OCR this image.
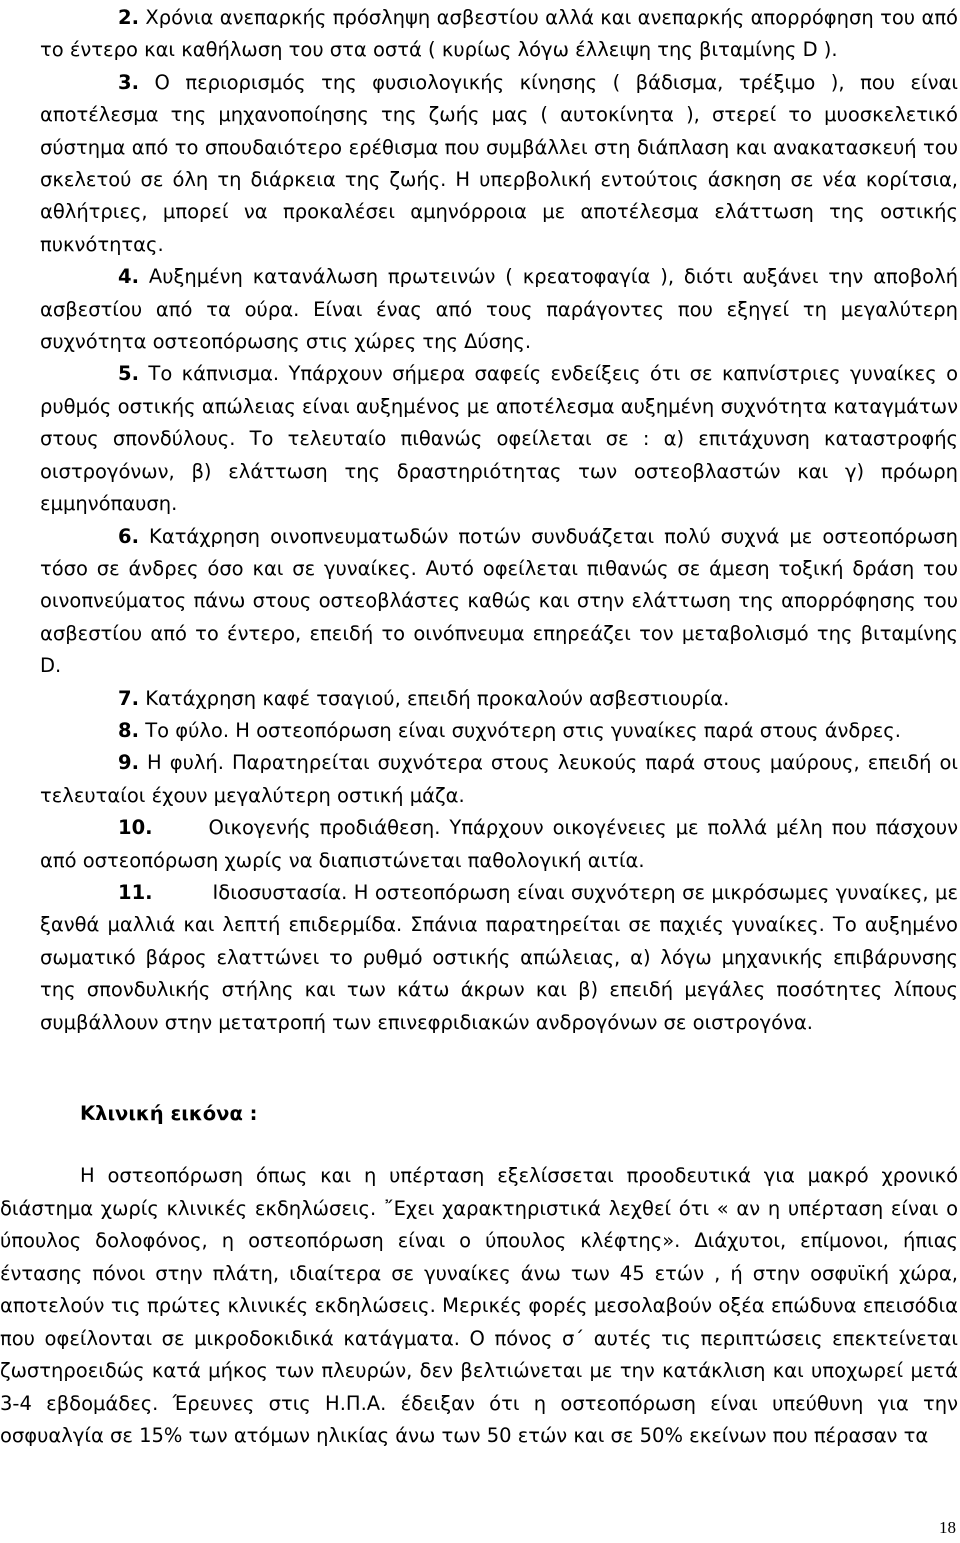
2. Χρόνια ανεπαρκής πρόσληψη ασβεστίου αλλά και ανεπαρκής απορρόφηση του από το έντερο και καθήλωση του στα οστά ( κυρίως λόγω έλλειψη της βιταμίνης D ).

3. Ο περιορισμός της φυσιολογικής κίνησης ( βάδισμα, τρέξιμο ), που είναι αποτέλεσμα της μηχανοποίησης της ζωής μας ( αυτοκίνητα ), στερεί το μυοσκελετικό σύστημα από το σπουδαιότερο ερέθισμα που συμβάλλει στη διάπλαση και ανακατασκευή του σκελετού σε όλη τη διάρκεια της ζωής. Η υπερβολική εντούτοις άσκηση σε νέα κορίτσια, αθλήτριες, μπορεί να προκαλέσει αμηνόρροια με αποτέλεσμα ελάττωση της οστικής πυκνότητας.

4. Αυξημένη κατανάλωση πρωτεινών ( κρεατοφαγία ), διότι αυξάνει την αποβολή ασβεστίου από τα ούρα. Είναι ένας από τους παράγοντες που εξηγεί τη μεγαλύτερη συχνότητα οστεοπόρωσης στις χώρες της Δύσης.

5. Το κάπνισμα. Υπάρχουν σήμερα σαφείς ενδείξεις ότι σε καπνίστριες γυναίκες ο ρυθμός οστικής απώλειας είναι αυξημένος με αποτέλεσμα αυξημένη συχνότητα καταγμάτων στους σπονδύλους. Το τελευταίο πιθανώς οφείλεται σε : α) επιτάχυνση καταστροφής οιστρογόνων, β) ελάττωση της δραστηριότητας των οστεοβλαστών και γ) πρόωρη εμμηνόπαυση.

6. Κατάχρηση οινοπνευματωδών ποτών συνδυάζεται πολύ συχνά με οστεοπόρωση τόσο σε άνδρες όσο και σε γυναίκες. Αυτό οφείλεται πιθανώς σε άμεση τοξική δράση του οινοπνεύματος πάνω στους οστεοβλάστες καθώς και στην ελάττωση της απορρόφησης του ασβεστίου από το έντερο, επειδή το οινόπνευμα επηρεάζει τον μεταβολισμό της βιταμίνης D.

7. Κατάχρηση καφέ τσαγιού, επειδή προκαλούν ασβεστιουρία.

8. Το φύλο. Η οστεοπόρωση είναι συχνότερη στις γυναίκες παρά στους άνδρες.

9. Η φυλή. Παρατηρείται συχνότερα στους λευκούς παρά στους μαύρους, επειδή οι τελευταίοι έχουν μεγαλύτερη οστική μάζα.

10.	Οικογενής προδιάθεση. Υπάρχουν οικογένειες με πολλά μέλη που πάσχουν από οστεοπόρωση χωρίς να διαπιστώνεται παθολογική αιτία.

11.	Ιδιοσυστασία. Η οστεοπόρωση είναι συχνότερη σε μικρόσωμες γυναίκες, με ξανθά μαλλιά και λεπτή επιδερμίδα. Σπάνια παρατηρείται σε παχιές γυναίκες. Το αυξημένο σωματικό βάρος ελαττώνει το ρυθμό οστικής απώλειας, α) λόγω μηχανικής επιβάρυνσης της σπονδυλικής στήλης και των κάτω άκρων και β) επειδή μεγάλες ποσότητες λίπους συμβάλλουν στην μετατροπή των επινεφριδιακών ανδρογόνων σε οιστρογόνα.

Κλινική εικόνα :

Η οστεοπόρωση όπως και η υπέρταση εξελίσσεται προοδευτικά για μακρό χρονικό διάστημα χωρίς κλινικές εκδηλώσεις. ῎Εχει χαρακτηριστικά λεχθεί ότι « αν η υπέρταση είναι ο ύπουλος δολοφόνος, η οστεοπόρωση είναι ο ύπουλος κλέφτης». Διάχυτοι, επίμονοι, ήπιας έντασης πόνοι στην πλάτη, ιδιαίτερα σε γυναίκες άνω των 45 ετών , ή στην οσφυϊκή χώρα, αποτελούν τις πρώτες κλινικές εκδηλώσεις. Μερικές φορές μεσολαβούν οξέα επώδυνα επεισόδια που οφείλονται σε μικροδοκιδικά κατάγματα. Ο πόνος σ΄ αυτές τις περιπτώσεις επεκτείνεται ζωστηροειδώς κατά μήκος των πλευρών, δεν βελτιώνεται με την κατάκλιση και υποχωρεί μετά 3-4 εβδομάδες. Έρευνες στις Η.Π.Α. έδειξαν ότι η οστεοπόρωση είναι υπεύθυνη για την οσφυαλγία σε 15% των ατόμων ηλικίας άνω των 50 ετών και σε 50% εκείνων που πέρασαν τα

18
